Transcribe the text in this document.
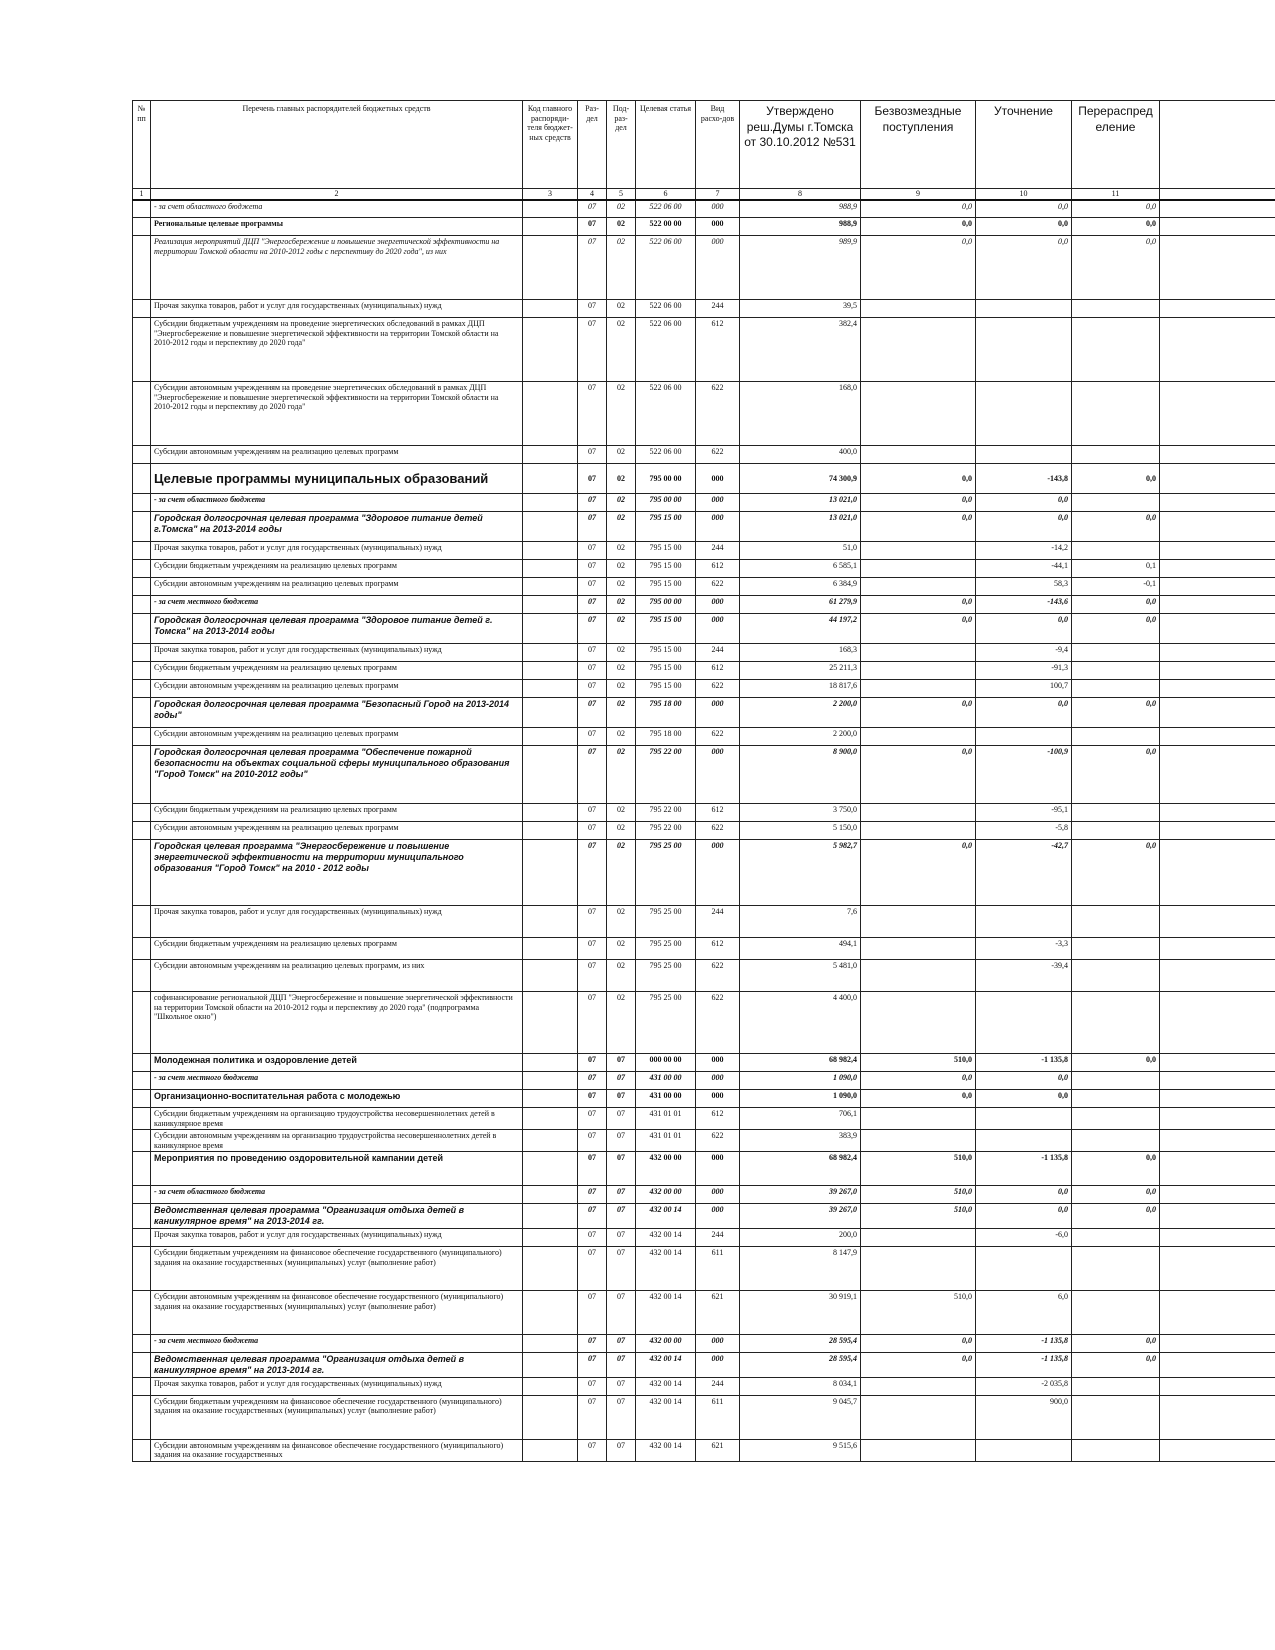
№ пп	Перечень главных распорядителей бюджетных средств	Код главного распоряди-теля бюджет-ных средств	Раз-дел	Под-раз-дел	Целевая статья	Вид расхо-дов	Утверждено реш.Думы г.Томска от 30.10.2012 №531	Безвозмездные поступления	Уточнение	Перераспред еление	
1	2	3	4	5	6	7	8	9	10	11	
	- за счет областного бюджета		07	02	522 06 00	000	988,9	0,0	0,0	0,0	
	Региональные целевые программы		07	02	522 00 00	000	988,9	0,0	0,0	0,0	
	Реализация мероприятий ДЦП "Энергосбережение и повышение энергетической эффективности на территории Томской области на 2010-2012 годы с перспективу до 2020 года", из них		07	02	522 06 00	000	989,9	0,0	0,0	0,0	
	Прочая закупка товаров, работ и услуг для государственных (муниципальных) нужд		07	02	522 06 00	244	39,5				
	Субсидии бюджетным учреждениям на проведение энергетических обследований в рамках ДЦП "Энергосбережение и повышение энергетической эффективности на территории Томской области на 2010-2012 годы и перспективу до 2020 года"		07	02	522 06 00	612	382,4				
	Субсидии автономным учреждениям на проведение энергетических обследований в рамках ДЦП "Энергосбережение и повышение энергетической эффективности на территории Томской области на 2010-2012 годы и перспективу до 2020 года"		07	02	522 06 00	622	168,0				
	Субсидии автономным учреждениям на реализацию целевых программ		07	02	522 06 00	622	400,0				
	Целевые программы муниципальных образований		07	02	795 00 00	000	74 300,9	0,0	-143,8	0,0	
	- за счет областного бюджета		07	02	795 00 00	000	13 021,0	0,0	0,0		
	Городская долгосрочная целевая программа "Здоровое питание детей г.Томска" на 2013-2014 годы		07	02	795 15 00	000	13 021,0	0,0	0,0	0,0	
	Прочая закупка товаров, работ и услуг для государственных (муниципальных) нужд		07	02	795 15 00	244	51,0		-14,2		
	Субсидии бюджетным учреждениям на реализацию целевых программ		07	02	795 15 00	612	6 585,1		-44,1	0,1	
	Субсидии автономным учреждениям на реализацию целевых программ		07	02	795 15 00	622	6 384,9		58,3	-0,1	
	- за счет местного бюджета		07	02	795 00 00	000	61 279,9	0,0	-143,6	0,0	
	Городская долгосрочная целевая программа "Здоровое питание детей г. Томска" на 2013-2014 годы		07	02	795 15 00	000	44 197,2	0,0	0,0	0,0	
	Прочая закупка товаров, работ и услуг для государственных (муниципальных) нужд		07	02	795 15 00	244	168,3		-9,4		
	Субсидии бюджетным учреждениям на реализацию целевых программ		07	02	795 15 00	612	25 211,3		-91,3		
	Субсидии автономным учреждениям на реализацию целевых программ		07	02	795 15 00	622	18 817,6		100,7		
	Городская долгосрочная целевая программа "Безопасный Город на 2013-2014 годы"		07	02	795 18 00	000	2 200,0	0,0	0,0	0,0	
	Субсидии автономным учреждениям на реализацию целевых программ		07	02	795 18 00	622	2 200,0				
	Городская долгосрочная целевая программа "Обеспечение пожарной безопасности на объектах социальной сферы муниципального образования "Город Томск" на 2010-2012 годы"		07	02	795 22 00	000	8 900,0	0,0	-100,9	0,0	
	Субсидии бюджетным учреждениям на реализацию целевых программ		07	02	795 22 00	612	3 750,0		-95,1		
	Субсидии автономным учреждениям на реализацию целевых программ		07	02	795 22 00	622	5 150,0		-5,8		
	Городская целевая программа "Энергосбережение и повышение энергетической эффективности на территории муниципального образования "Город Томск" на 2010 - 2012 годы		07	02	795 25 00	000	5 982,7	0,0	-42,7	0,0	
	Прочая закупка товаров, работ и услуг для государственных (муниципальных) нужд		07	02	795 25 00	244	7,6				
	Субсидии бюджетным учреждениям на реализацию целевых программ		07	02	795 25 00	612	494,1		-3,3		
	Субсидии автономным учреждениям на реализацию целевых программ, из них		07	02	795 25 00	622	5 481,0		-39,4		
	софинансирование региональной ДЦП "Энергосбережение и повышение энергетической эффективности на территории Томской области на 2010-2012 годы и перспективу до 2020 года" (подпрограмма "Школьное окно")		07	02	795 25 00	622	4 400,0				
	Молодежная политика и оздоровление детей		07	07	000 00 00	000	68 982,4	510,0	-1 135,8	0,0	
	- за счет местного бюджета		07	07	431 00 00	000	1 090,0	0,0	0,0		
	Организационно-воспитательная работа с молодежью		07	07	431 00 00	000	1 090,0	0,0	0,0		
	Субсидии бюджетным учреждениям на организацию трудоустройства несовершеннолетних детей в каникулярное время		07	07	431 01 01	612	706,1				
	Субсидии автономным учреждениям на организацию трудоустройства несовершеннолетних детей в каникулярное время		07	07	431 01 01	622	383,9				
	Мероприятия по проведению оздоровительной кампании детей		07	07	432 00 00	000	68 982,4	510,0	-1 135,8	0,0	
	- за счет областного бюджета		07	07	432 00 00	000	39 267,0	510,0	0,0	0,0	
	Ведомственная целевая программа "Организация отдыха детей в каникулярное время" на 2013-2014 гг.		07	07	432 00 14	000	39 267,0	510,0	0,0	0,0	
	Прочая закупка товаров, работ и услуг для государственных (муниципальных) нужд		07	07	432 00 14	244	200,0		-6,0		
	Субсидии бюджетным учреждениям на финансовое обеспечение государственного (муниципального) задания на оказание государственных (муниципальных) услуг (выполнение работ)		07	07	432 00 14	611	8 147,9				
	Субсидии автономным учреждениям на финансовое обеспечение государственного (муниципального) задания на оказание государственных (муниципальных) услуг (выполнение работ)		07	07	432 00 14	621	30 919,1	510,0	6,0		
	- за счет местного бюджета		07	07	432 00 00	000	28 595,4	0,0	-1 135,8	0,0	
	Ведомственная целевая программа "Организация отдыха детей в каникулярное время" на 2013-2014 гг.		07	07	432 00 14	000	28 595,4	0,0	-1 135,8	0,0	
	Прочая закупка товаров, работ и услуг для государственных (муниципальных) нужд		07	07	432 00 14	244	8 034,1		-2 035,8		
	Субсидии бюджетным учреждениям на финансовое обеспечение государственного (муниципального) задания на оказание государственных (муниципальных) услуг (выполнение работ)		07	07	432 00 14	611	9 045,7		900,0		
	Субсидии автономным учреждениям на финансовое обеспечение государственного (муниципального) задания на оказание государственных		07	07	432 00 14	621	9 515,6				
